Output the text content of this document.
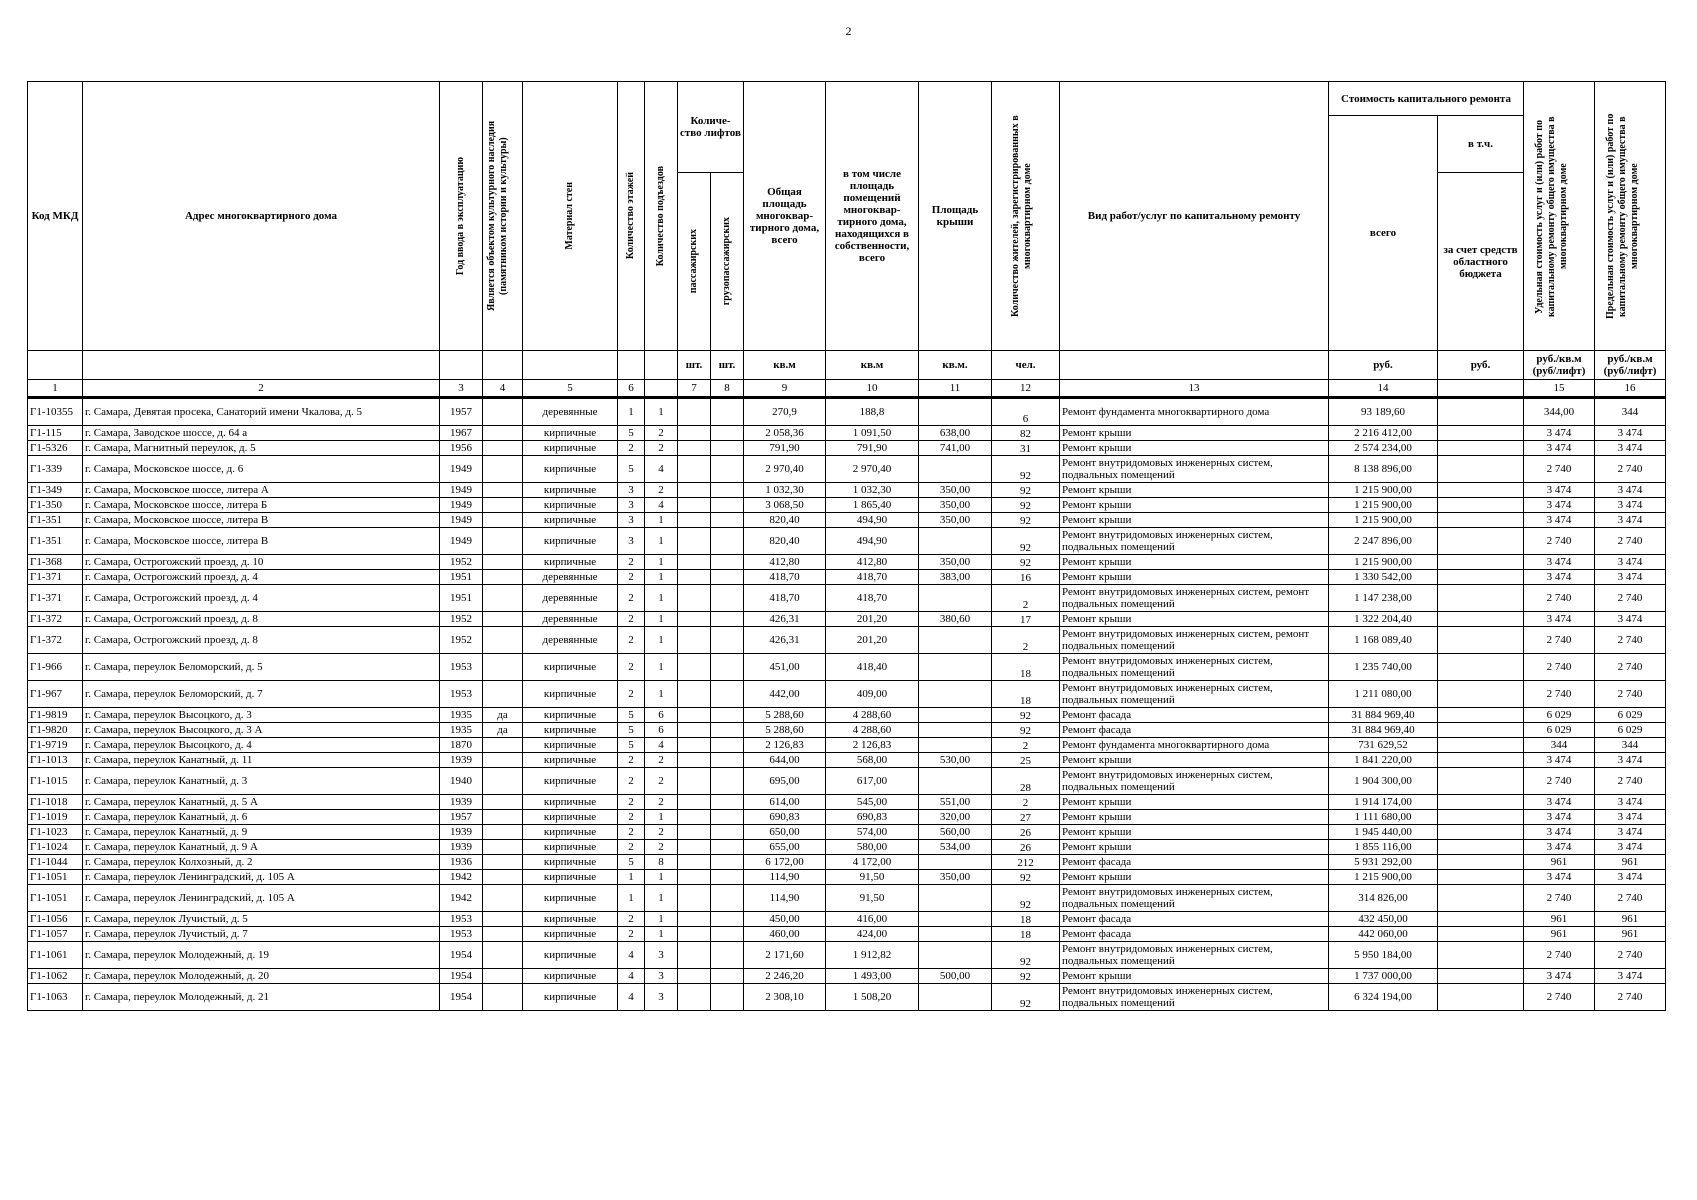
2
Код МКД	Адрес многоквартирного дома	Год ввода в эксплуатацию	Является объектом культурного наследия (памятником истории и культуры)	Материал стен	Количество этажей	Количество подъездов	Количе-ство лифтов		Общая площадь многоквар-тирного дома, всего	в том числе площадь помещений многоквар-тирного дома, находящихся в собственности, всего	Площадь крыши	Количество жителей, зарегистрированных в многоквартирном доме	Вид работ/услуг по капитальному ремонту	Стоимость капитального ремонта		Удельная стоимость услуг и (или) работ по капитальному ремонту общего имущества в многоквартирном доме	Предельная стоимость услуг и (или) работ по капитальному ремонту общего имущества в многоквартирном доме

														всего	в т.ч.		

							пассажирских	грузопассажирских							за счет средств областного бюджета		
							шт.	шт.	кв.м	кв.м	кв.м.	чел.		руб.	руб.	руб./кв.м (руб/лифт)	руб./кв.м (руб/лифт)
1	2	3	4	5	6		7	8	9	10	11	12	13	14		15	16
Г1-10355	г. Самара, Девятая просека, Санаторий имени Чкалова, д. 5	1957		деревянные	1	1			270,9	188,8		6	Ремонт фундамента многоквартирного дома	93 189,60		344,00	344
Г1-115	г. Самара, Заводское шоссе, д. 64 а	1967		кирпичные	5	2			2 058,36	1 091,50	638,00	82	Ремонт крыши	2 216 412,00		3 474	3 474
Г1-5326	г. Самара, Магнитный переулок, д. 5	1956		кирпичные	2	2			791,90	791,90	741,00	31	Ремонт крыши	2 574 234,00		3 474	3 474
Г1-339	г. Самара, Московское шоссе, д. 6	1949		кирпичные	5	4			2 970,40	2 970,40		92	Ремонт внутридомовых инженерных систем, подвальных помещений	8 138 896,00		2 740	2 740
Г1-349	г. Самара, Московское шоссе, литера А	1949		кирпичные	3	2			1 032,30	1 032,30	350,00	92	Ремонт крыши	1 215 900,00		3 474	3 474
Г1-350	г. Самара, Московское шоссе, литера Б	1949		кирпичные	3	4			3 068,50	1 865,40	350,00	92	Ремонт крыши	1 215 900,00		3 474	3 474
Г1-351	г. Самара, Московское шоссе, литера В	1949		кирпичные	3	1			820,40	494,90	350,00	92	Ремонт крыши	1 215 900,00		3 474	3 474
Г1-351	г. Самара, Московское шоссе, литера В	1949		кирпичные	3	1			820,40	494,90		92	Ремонт внутридомовых инженерных систем, подвальных помещений	2 247 896,00		2 740	2 740
Г1-368	г. Самара, Острогожский проезд, д. 10	1952		кирпичные	2	1			412,80	412,80	350,00	92	Ремонт крыши	1 215 900,00		3 474	3 474
Г1-371	г. Самара, Острогожский проезд, д. 4	1951		деревянные	2	1			418,70	418,70	383,00	16	Ремонт крыши	1 330 542,00		3 474	3 474
Г1-371	г. Самара, Острогожский проезд, д. 4	1951		деревянные	2	1			418,70	418,70		2	Ремонт внутридомовых инженерных систем, ремонт подвальных помещений	1 147 238,00		2 740	2 740
Г1-372	г. Самара, Острогожский проезд, д. 8	1952		деревянные	2	1			426,31	201,20	380,60	17	Ремонт крыши	1 322 204,40		3 474	3 474
Г1-372	г. Самара, Острогожский проезд, д. 8	1952		деревянные	2	1			426,31	201,20		2	Ремонт внутридомовых инженерных систем, ремонт подвальных помещений	1 168 089,40		2 740	2 740
Г1-966	г. Самара, переулок Беломорский, д. 5	1953		кирпичные	2	1			451,00	418,40		18	Ремонт внутридомовых инженерных систем, подвальных помещений	1 235 740,00		2 740	2 740
Г1-967	г. Самара, переулок Беломорский, д. 7	1953		кирпичные	2	1			442,00	409,00		18	Ремонт внутридомовых инженерных систем, подвальных помещений	1 211 080,00		2 740	2 740
Г1-9819	г. Самара, переулок Высоцкого, д. 3	1935	да	кирпичные	5	6			5 288,60	4 288,60		92	Ремонт фасада	31 884 969,40		6 029	6 029
Г1-9820	г. Самара, переулок Высоцкого, д. 3 А	1935	да	кирпичные	5	6			5 288,60	4 288,60		92	Ремонт фасада	31 884 969,40		6 029	6 029
Г1-9719	г. Самара, переулок Высоцкого, д. 4	1870		кирпичные	5	4			2 126,83	2 126,83		2	Ремонт фундамента многоквартирного дома	731 629,52		344	344
Г1-1013	г. Самара, переулок Канатный, д. 11	1939		кирпичные	2	2			644,00	568,00	530,00	25	Ремонт крыши	1 841 220,00		3 474	3 474
Г1-1015	г. Самара, переулок Канатный, д. 3	1940		кирпичные	2	2			695,00	617,00		28	Ремонт внутридомовых инженерных систем, подвальных помещений	1 904 300,00		2 740	2 740
Г1-1018	г. Самара, переулок Канатный, д. 5 А	1939		кирпичные	2	2			614,00	545,00	551,00	2	Ремонт крыши	1 914 174,00		3 474	3 474
Г1-1019	г. Самара, переулок Канатный, д. 6	1957		кирпичные	2	1			690,83	690,83	320,00	27	Ремонт крыши	1 111 680,00		3 474	3 474
Г1-1023	г. Самара, переулок Канатный, д. 9	1939		кирпичные	2	2			650,00	574,00	560,00	26	Ремонт крыши	1 945 440,00		3 474	3 474
Г1-1024	г. Самара, переулок Канатный, д. 9 А	1939		кирпичные	2	2			655,00	580,00	534,00	26	Ремонт крыши	1 855 116,00		3 474	3 474
Г1-1044	г. Самара, переулок Колхозный, д. 2	1936		кирпичные	5	8			6 172,00	4 172,00		212	Ремонт фасада	5 931 292,00		961	961
Г1-1051	г. Самара, переулок Ленинградский, д. 105 А	1942		кирпичные	1	1			114,90	91,50	350,00	92	Ремонт крыши	1 215 900,00		3 474	3 474
Г1-1051	г. Самара, переулок Ленинградский, д. 105 А	1942		кирпичные	1	1			114,90	91,50		92	Ремонт внутридомовых инженерных систем, подвальных помещений	314 826,00		2 740	2 740
Г1-1056	г. Самара, переулок Лучистый, д. 5	1953		кирпичные	2	1			450,00	416,00		18	Ремонт фасада	432 450,00		961	961
Г1-1057	г. Самара, переулок Лучистый, д. 7	1953		кирпичные	2	1			460,00	424,00		18	Ремонт фасада	442 060,00		961	961
Г1-1061	г. Самара, переулок Молодежный, д. 19	1954		кирпичные	4	3			2 171,60	1 912,82		92	Ремонт внутридомовых инженерных систем, подвальных помещений	5 950 184,00		2 740	2 740
Г1-1062	г. Самара, переулок Молодежный, д. 20	1954		кирпичные	4	3			2 246,20	1 493,00	500,00	92	Ремонт крыши	1 737 000,00		3 474	3 474
Г1-1063	г. Самара, переулок Молодежный, д. 21	1954		кирпичные	4	3			2 308,10	1 508,20		92	Ремонт внутридомовых инженерных систем, подвальных помещений	6 324 194,00		2 740	2 740
